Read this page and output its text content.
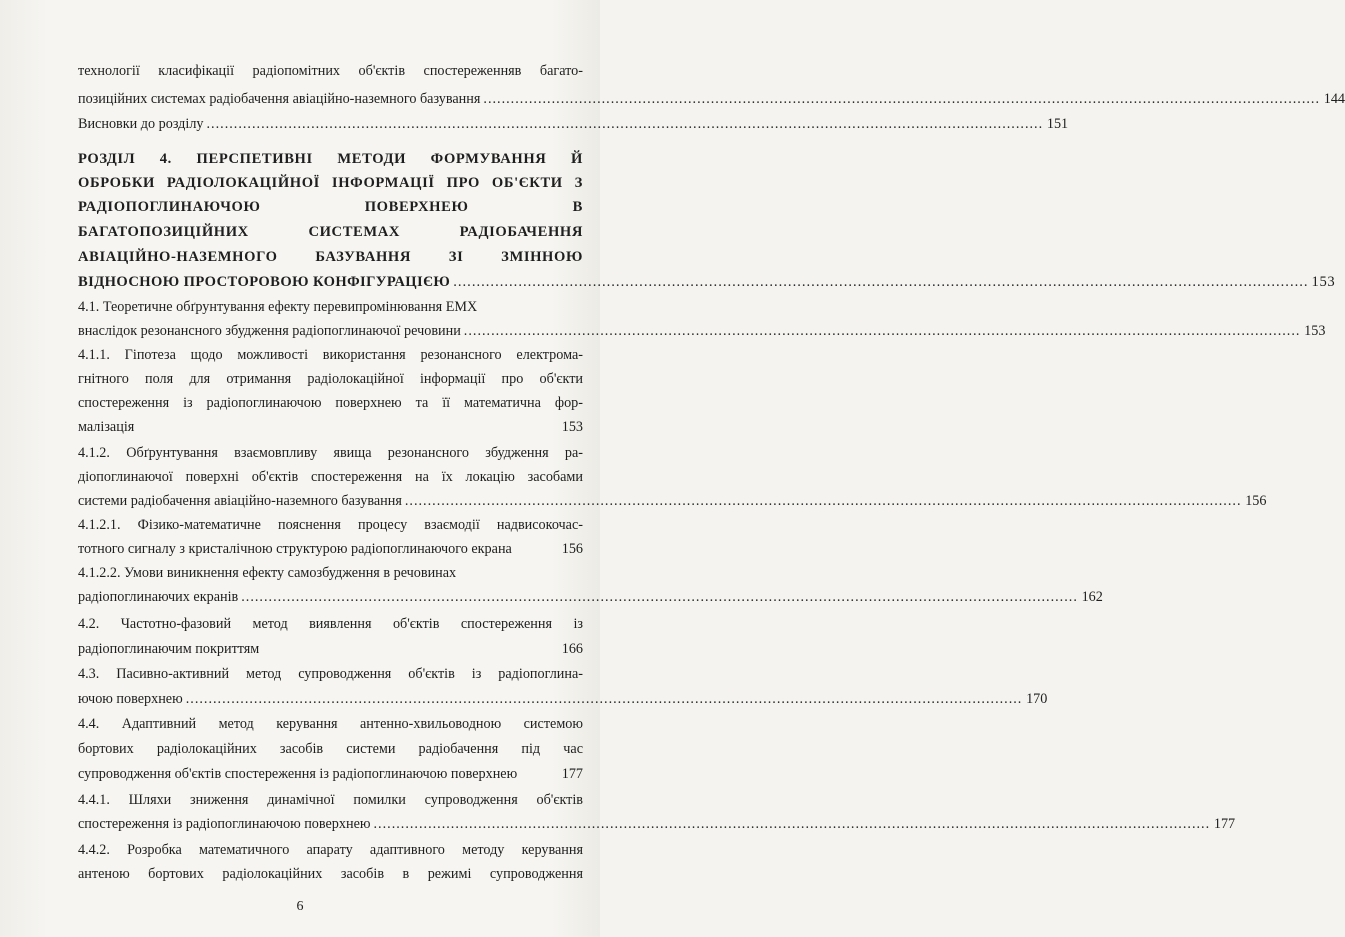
технології класифікації радіопомітних об'єктів спостереженняв багато-
позиційних системах радіобачення авіаційно-наземного базування ........................................................................................................................................................................................ 144
Висновки до розділу ........................................................................................................................................................................................ 151
РОЗДІЛ 4. ПЕРСПЕТИВНІ МЕТОДИ ФОРМУВАННЯ Й
ОБРОБКИ РАДІОЛОКАЦІЙНОЇ ІНФОРМАЦІЇ ПРО ОБ'ЄКТИ З
РАДІОПОГЛИНАЮЧОЮ ПОВЕРХНЕЮ В
БАГАТОПОЗИЦІЙНИХ СИСТЕМАХ РАДІОБАЧЕННЯ
АВІАЦІЙНО-НАЗЕМНОГО БАЗУВАННЯ ЗІ ЗМІННОЮ
ВІДНОСНОЮ ПРОСТОРОВОЮ КОНФІГУРАЦІЄЮ ........................................................................................................................................................................................ 153
4.1. Теоретичне обґрунтування ефекту перевипромінювання ЕМХ
внаслідок резонансного збудження радіопоглинаючої речовини ........................................................................................................................................................................................ 153
4.1.1. Гіпотеза щодо можливості використання резонансного електрома-
гнітного поля для отримання радіолокаційної інформації про об'єкти
спостереження із радіопоглинаючою поверхнею та її математична фор-
малізація	153
4.1.2. Обґрунтування взаємовпливу явища резонансного збудження ра-
діопоглинаючої поверхні об'єктів спостереження на їх локацію засобами
системи радіобачення авіаційно-наземного базування ........................................................................................................................................................................................ 156
4.1.2.1. Фізико-математичне пояснення процесу взаємодії надвисокочас-
тотного сигналу з кристалічною структурою радіопоглинаючого екрана	156
4.1.2.2. Умови виникнення ефекту самозбудження в речовинах
радіопоглинаючих екранів ........................................................................................................................................................................................ 162
4.2. Частотно-фазовий метод виявлення об'єктів спостереження із
радіопоглинаючим покриттям	166
4.3. Пасивно-активний метод супроводження об'єктів із радіопоглина-
ючою поверхнею ........................................................................................................................................................................................ 170
4.4. Адаптивний метод керування антенно-хвильоводною системою
бортових радіолокаційних засобів системи радіобачення під час
супроводження об'єктів спостереження із радіопоглинаючою поверхнею	177
4.4.1. Шляхи зниження динамічної помилки супроводження об'єктів
спостереження із радіопоглинаючою поверхнею ........................................................................................................................................................................................ 177
4.4.2. Розробка математичного апарату адаптивного методу керування
антеною бортових радіолокаційних засобів в режимі супроводження
6
